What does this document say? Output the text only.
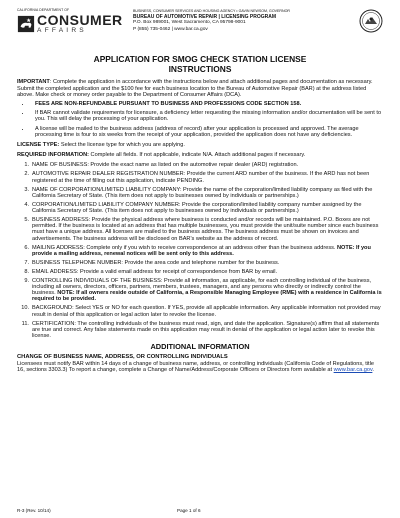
CALIFORNIA DEPARTMENT OF
CONSUMER
AFFAIRS
BUSINESS, CONSUMER SERVICES AND HOUSING AGENCY • GAVIN NEWSOM, GOVERNOR
BUREAU OF AUTOMOTIVE REPAIR | LICENSING PROGRAM
P.O. Box 989001, West Sacramento, CA 95798-9001
P (855) 735-0462 | www.bar.ca.gov
APPLICATION FOR SMOG CHECK STATION LICENSE
INSTRUCTIONS

IMPORTANT: Complete the application in accordance with the instructions below and attach additional pages and documentation as necessary. Submit the completed application and the $100 fee for each business location to the Bureau of Automotive Repair (BAR) at the address listed above. Make check or money order payable to the Department of Consumer Affairs (DCA).

• FEES ARE NON-REFUNDABLE PURSUANT TO BUSINESS AND PROFESSIONS CODE SECTION 158.
• If BAR cannot validate requirements for licensure, a deficiency letter requesting the missing information and/or documentation will be sent to you. This will delay the processing of your application.
• A license will be mailed to the business address (address of record) after your application is processed and approved. The average processing time is four to six weeks from the receipt of your application, provided the application does not have any deficiencies.

LICENSE TYPE: Select the license type for which you are applying.

REQUIRED INFORMATION: Complete all fields. If not applicable, indicate N/A. Attach additional pages if necessary.

1. NAME OF BUSINESS: Provide the exact name as listed on the automotive repair dealer (ARD) registration.
2. AUTOMOTIVE REPAIR DEALER REGISTRATION NUMBER: Provide the current ARD number of the business. If the ARD has not been registered at the time of filling out this application, indicate PENDING.
3. NAME OF CORPORATION/LIMITED LIABILITY COMPANY: Provide the name of the corporation/limited liability company as filed with the California Secretary of State. (This item does not apply to businesses owned by individuals or partnerships.)
4. CORPORATION/LIMITED LIABILITY COMPANY NUMBER: Provide the corporation/limited liability company number assigned by the California Secretary of State. (This item does not apply to businesses owned by individuals or partnerships.)
5. BUSINESS ADDRESS: Provide the physical address where business is conducted and/or records will be maintained. P.O. Boxes are not permitted. If the business is located at an address that has multiple businesses, you must provide the unit/suite number since each business must have a unique address. All licenses are mailed to the business address. The business address must be shown on invoices and advertisements. The business address will be disclosed on BAR's website as the address of record.
6. MAILING ADDRESS: Complete only if you wish to receive correspondence at an address other than the business address. NOTE: If you provide a mailing address, renewal notices will be sent only to this address.
7. BUSINESS TELEPHONE NUMBER: Provide the area code and telephone number for the business.
8. EMAIL ADDRESS: Provide a valid email address for receipt of correspondence from BAR by email.
9. CONTROLLING INDIVIDUALS OF THE BUSINESS: Provide all information, as applicable, for each controlling individual of the business, including all owners, directors, officers, partners, members, trustees, managers, and any persons who directly or indirectly control the business. NOTE: If all owners reside outside of California, a Responsible Managing Employee (RME) with a residence in California is required to be provided.
10. BACKGROUND: Select YES or NO for each question. If YES, provide all applicable information. Any applicable information not provided may result in denial of this application or legal action later to revoke the license.
11. CERTIFICATION: The controlling individuals of the business must read, sign, and date the application. Signature(s) affirm that all statements are true and correct. Any false statements made on this application may result in denial of the application or legal action later to revoke this license.
ADDITIONAL INFORMATION
CHANGE OF BUSINESS NAME, ADDRESS, OR CONTROLLING INDIVIDUALS

Licensees must notify BAR within 14 days of a change of business name, address, or controlling individuals (California Code of Regulations, title 16, sections 3303.3) To report a change, complete a Change of Name/Address/Corporate Officers or Directors form available at www.bar.ca.gov.

R-3 (Rev. 10/14)	Page 1 of 6
